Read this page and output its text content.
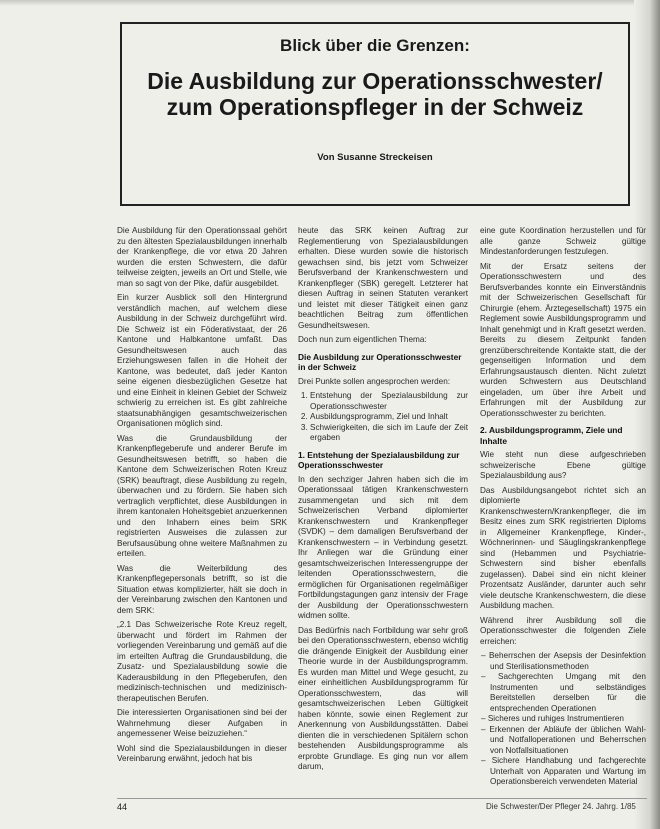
Blick über die Grenzen:
Die Ausbildung zur Operationsschwester/
zum Operationspfleger in der Schweiz
Von Susanne Streckeisen

Die Ausbildung für den Operationssaal gehört zu den ältesten Spezialausbildungen innerhalb der Krankenpflege, die vor etwa 20 Jahren wurden die ersten Schwestern, die dafür teilweise zeigten, jeweils an Ort und Stelle, wie man so sagt von der Pike, dafür ausgebildet.

Ein kurzer Ausblick soll den Hintergrund verständlich machen, auf welchem diese Ausbildung in der Schweiz durchgeführt wird. Die Schweiz ist ein Föderativstaat, der 26 Kantone und Halbkantone umfaßt. Das Gesundheitswesen auch das Erziehungswesen fallen in die Hoheit der Kantone, was bedeutet, daß jeder Kanton seine eigenen diesbezüglichen Gesetze hat und eine Einheit in kleinen Gebiet der Schweiz schwierig zu erreichen ist. Es gibt zahlreiche staatsunabhängigen gesamtschweizerischen Organisationen möglich sind.

Was die Grundausbildung der Krankenpflegeberufe und anderer Berufe im Gesundheitswesen betrifft, so haben die Kantone dem Schweizerischen Roten Kreuz (SRK) beauftragt, diese Ausbildung zu regeln, überwachen und zu fördern. Sie haben sich vertraglich verpflichtet, diese Ausbildungen in ihrem kantonalen Hoheitsgebiet anzuerkennen und den Inhabern eines beim SRK registrierten Ausweises die zulassen zur Berufsausübung ohne weitere Maßnahmen zu erteilen.

Was die Weiterbildung des Krankenpflegepersonals betrifft, so ist die Situation etwas komplizierter, hält sie doch in der Vereinbarung zwischen den Kantonen und dem SRK:

„2.1 Das Schweizerische Rote Kreuz regelt, überwacht und fördert im Rahmen der vorliegenden Vereinbarung und gemäß auf die im erteilten Auftrag die Grundausbildung, die Zusatz- und Spezialausbildung sowie die Kaderausbildung in den Pflegeberufen, den medizinisch-technischen und medizinisch-therapeutischen Berufen.

Die interessierten Organisationen sind bei der Wahrnehmung dieser Aufgaben in angemessener Weise beizuziehen.“

Wohl sind die Spezialausbildungen in dieser Vereinbarung erwähnt, jedoch hat bis

heute das SRK keinen Auftrag zur Reglementierung von Spezialausbildungen erhalten. Diese wurden sowie die historisch gewachsen sind, bis jetzt vom Schweizer Berufsverband der Krankenschwestern und Krankenpfleger (SBK) geregelt. Letzterer hat diesen Auftrag in seinen Statuten verankert und leistet mit dieser Tätigkeit einen ganz beachtlichen Beitrag zum öffentlichen Gesundheitswesen.

Doch nun zum eigentlichen Thema:

Die Ausbildung zur Operationsschwester in der Schweiz

Drei Punkte sollen angesprochen werden:

1. Entstehung der Spezialausbildung zur Operationsschwester
2. Ausbildungsprogramm, Ziel und Inhalt
3. Schwierigkeiten, die sich im Laufe der Zeit ergaben
1. Entstehung der Spezialausbildung zur Operationsschwester

In den sechziger Jahren haben sich die im Operationssaal tätigen Krankenschwestern zusammengetan und sich mit dem Schweizerischen Verband diplomierter Krankenschwestern und Krankenpfleger (SVDK) – dem damaligen Berufsverband der Krankenschwestern – in Verbindung gesetzt. Ihr Anliegen war die Gründung einer gesamtschweizerischen Interessengruppe der leitenden Operationsschwestern, die ermöglichen für Organisationen regelmäßiger Fortbildungstagungen ganz intensiv der Frage der Ausbildung der Operationsschwestern widmen sollte.

Das Bedürfnis nach Fortbildung war sehr groß bei den Operationsschwestern, ebenso wichtig die drängende Einigkeit der Ausbildung einer Theorie wurde in der Ausbildungsprogramm. Es wurden man Mittel und Wege gesucht, zu einer einheitlichen Ausbildungsprogramm für Operationsschwestern, das will gesamtschweizerischen Leben Gültigkeit haben könnte, sowie einen Reglement zur Anerkennung von Ausbildungsstätten. Dabei dienten die in verschiedenen Spitälern schon bestehenden Ausbildungsprogramme als erprobte Grundlage. Es ging nun vor allem darum,

eine gute Koordination herzustellen und für alle ganze Schweiz gültige Mindestanforderungen festzulegen.

Mit der Ersatz seitens der Operationsschwestern und des Berufsverbandes konnte ein Einverständnis mit der Schweizerischen Gesellschaft für Chirurgie (ehem. Ärztegesellschaft) 1975 ein Reglement sowie Ausbildungsprogramm und Inhalt genehmigt und in Kraft gesetzt werden. Bereits zu diesem Zeitpunkt fanden grenzüberschreitende Kontakte statt, die der gegenseitigen Information und dem Erfahrungsaustausch dienten. Nicht zuletzt wurden Schwestern aus Deutschland eingeladen, um über ihre Arbeit und Erfahrungen mit der Ausbildung zur Operationsschwester zu berichten.

2. Ausbildungsprogramm, Ziele und Inhalte

Wie steht nun diese aufgeschrieben schweizerische Ebene gültige Spezialausbildung aus?

Das Ausbildungsangebot richtet sich an diplomierte Krankenschwestern/Krankenpfleger, die im Besitz eines zum SRK registrierten Diploms in Allgemeiner Krankenpflege, Kinder-, Wöchnerinnen- und Säuglingskrankenpflege sind (Hebammen und Psychiatrie-Schwestern sind bisher ebenfalls zugelassen). Dabei sind ein nicht kleiner Prozentsatz Ausländer, darunter auch sehr viele deutsche Krankenschwestern, die diese Ausbildung machen.

Während ihrer Ausbildung soll die Operationsschwester die folgenden Ziele erreichen:

– Beherrschen der Asepsis der Desinfektion und Sterilisationsmethoden
– Sachgerechten Umgang mit den Instrumenten und selbständiges Bereitstellen derselben für die entsprechenden Operationen
– Sicheres und ruhiges Instrumentieren
– Erkennen der Abläufe der üblichen Wahl- und Notfalloperationen und Beherrschen von Notfallsituationen
– Sichere Handhabung und fachgerechte Unterhalt von Apparaten und Wartung im Operationsbereich verwendeten Material
44	Die Schwester/Der Pfleger 24. Jahrg. 1/85
